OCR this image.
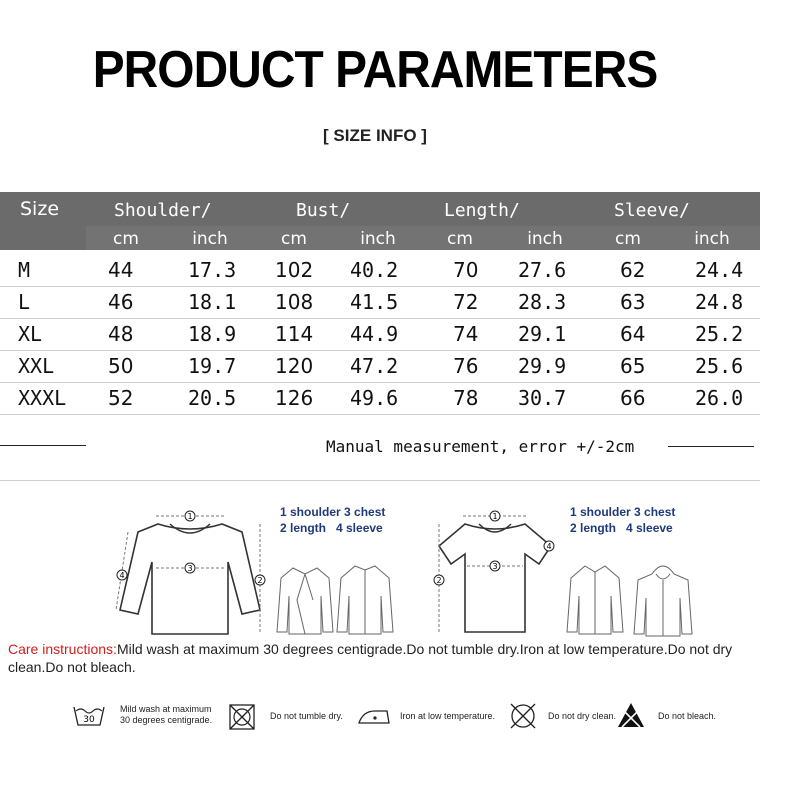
PRODUCT PARAMETERS
[ SIZE INFO ]
Size	Shoulder/	Bust/	Length/	Sleeve/
cm	inch	cm	inch	cm	inch	cm	inch
M	44	17.3 102 40.2	70 27.6	62 24.4
L	46	18.1 108 41.5	72 28.3	63 24.8
XL	48	18.9 114 44.9	74 29.1	64 25.2
XXL	50	19.7 120 47.2	76 29.9	65 25.6
XXXL 52	20.5 126 49.6	78 30.7	66 26.0
Manual measurement, error +/-2cm
1
3
2
4
1 shoulder 3 chest
2 length   4 sleeve
1
3
2
4
1 shoulder 3 chest
2 length   4 sleeve
Care instructions:Mild wash at maximum 30 degrees centigrade.Do not tumble dry.Iron at low temperature.Do not dry clean.Do not bleach.
30
Mild wash at maximum
30 degrees centigrade.	Do not tumble dry.	Iron at low temperature.	Do not dry clean.	Do not bleach.
